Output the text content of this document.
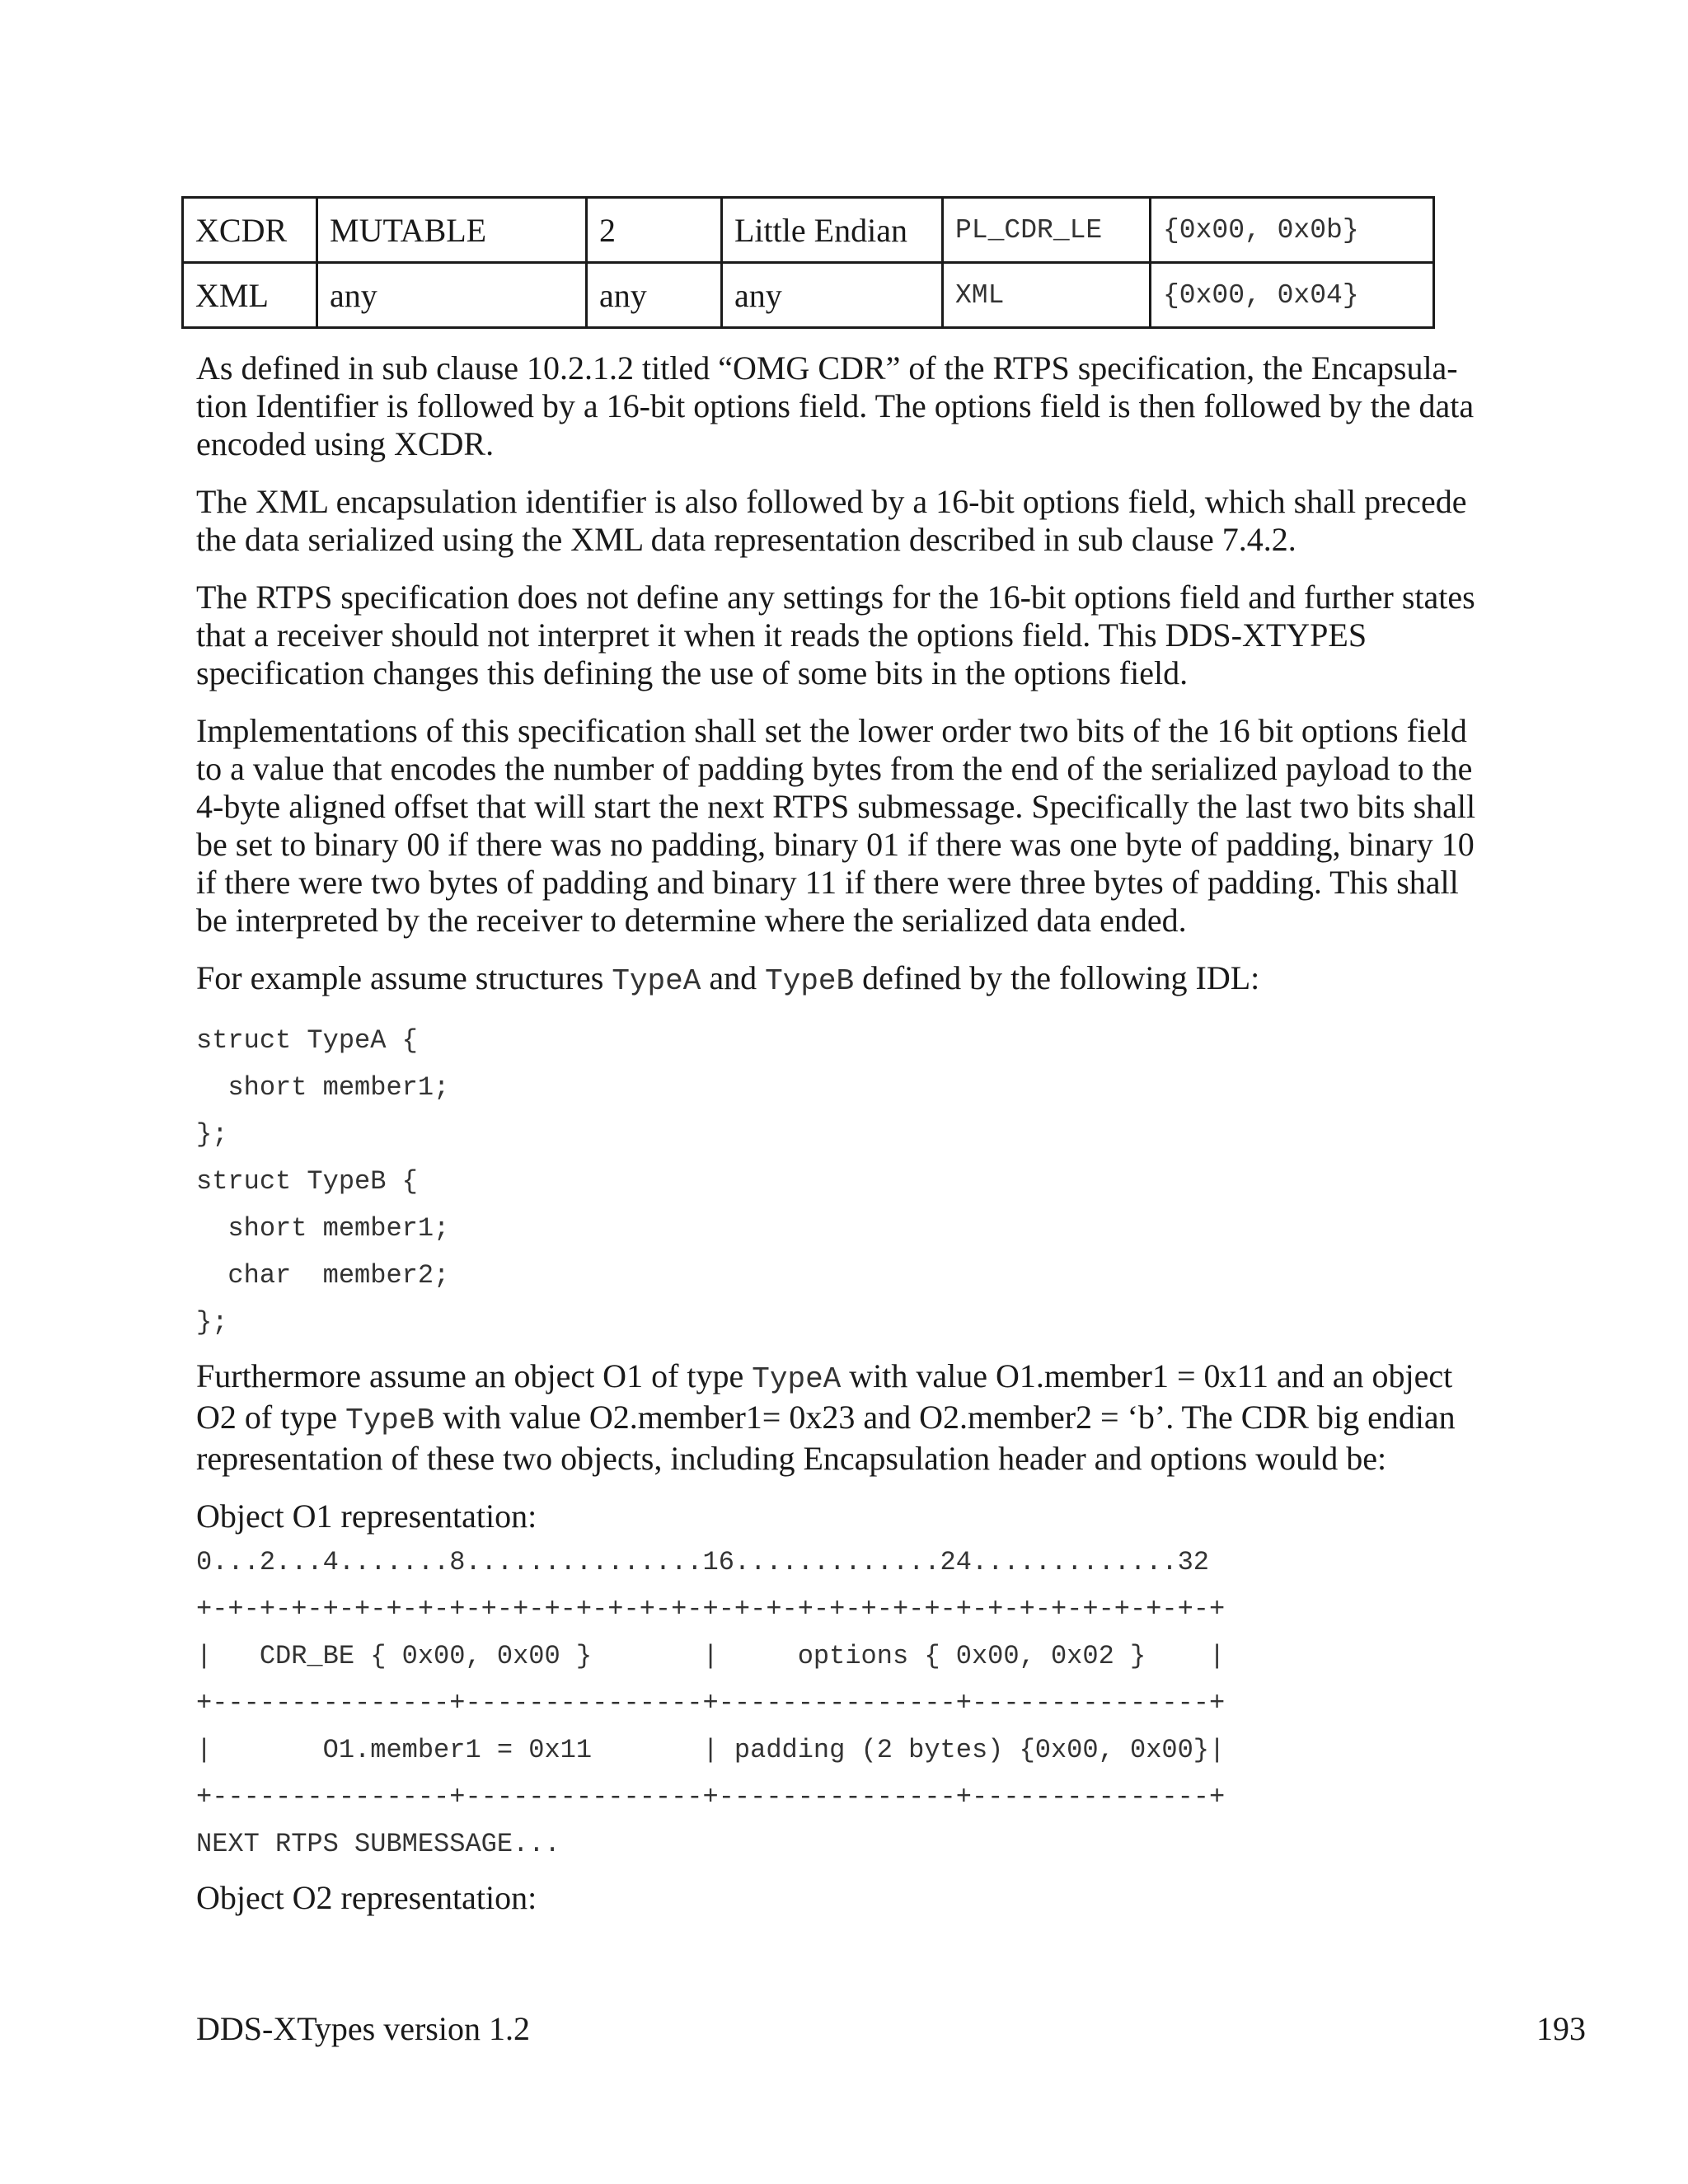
XCDR	MUTABLE	2	Little Endian	PL_CDR_LE	{0x00, 0x0b}
XML	any	any	any	XML	{0x00, 0x04}

As defined in sub clause 10.2.1.2 titled “OMG CDR” of the RTPS specification, the Encapsula-tion Identifier is followed by a 16-bit options field. The options field is then followed by the data encoded using XCDR.

The XML encapsulation identifier is also followed by a 16-bit options field, which shall precede the data serialized using the XML data representation described in sub clause 7.4.2.

The RTPS specification does not define any settings for the 16-bit options field and further states that a receiver should not interpret it when it reads the options field. This DDS-XTYPES specification changes this defining the use of some bits in the options field.

Implementations of this specification shall set the lower order two bits of the 16 bit options field to a value that encodes the number of padding bytes from the end of the serialized payload to the 4-byte aligned offset that will start the next RTPS submessage. Specifically the last two bits shall be set to binary 00 if there was no padding, binary 01 if there was one byte of padding, binary 10 if there were two bytes of padding and binary 11 if there were three bytes of padding. This shall be interpreted by the receiver to determine where the serialized data ended.

For example assume structures TypeA and TypeB defined by the following IDL:

struct TypeA {
short member1;
};
struct TypeB {
short member1;
char  member2;
};

Furthermore assume an object O1 of type TypeA with value O1.member1 = 0x11 and an object O2 of type TypeB with value O2.member1= 0x23 and O2.member2 = ‘b’. The CDR big endian representation of these two objects, including Encapsulation header and options would be:

Object O1 representation:

0...2...4.......8...............16.............24.............32
+-+-+-+-+-+-+-+-+-+-+-+-+-+-+-+-+-+-+-+-+-+-+-+-+-+-+-+-+-+-+-+-+
|   CDR_BE { 0x00, 0x00 }       |     options { 0x00, 0x02 }    |
+---------------+---------------+---------------+---------------+
|       O1.member1 = 0x11       | padding (2 bytes) {0x00, 0x00}|
+---------------+---------------+---------------+---------------+
NEXT RTPS SUBMESSAGE...

Object O2 representation:

DDS-XTypes version 1.2	193
